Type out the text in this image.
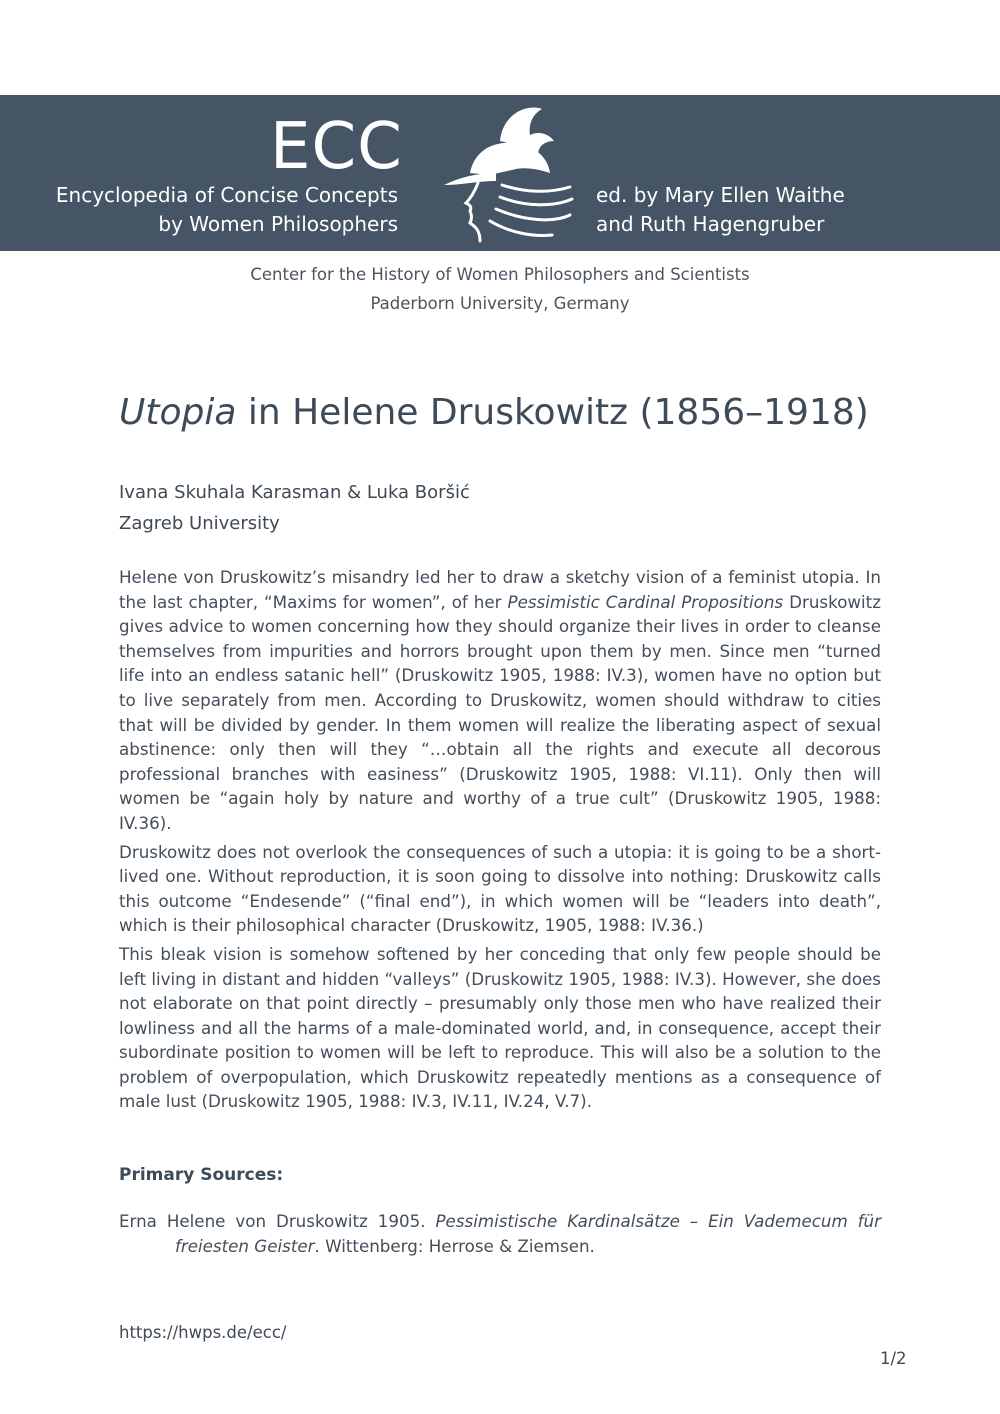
ECC
Encyclopedia of Concise Concepts
by Women Philosophers
ed. by Mary Ellen Waithe
and Ruth Hagengruber
Center for the History of Women Philosophers and Scientists
Paderborn University, Germany
Utopia in Helene Druskowitz (1856–1918)
Ivana Skuhala Karasman & Luka Boršić
Zagreb University

Helene von Druskowitz’s misandry led her to draw a sketchy vision of a feminist utopia. In the last chapter, “Maxims for women”, of her Pessimistic Cardinal Propositions Druskowitz gives advice to women concerning how they should organize their lives in order to cleanse themselves from impurities and horrors brought upon them by men. Since men “turned life into an endless satanic hell” (Druskowitz 1905, 1988: IV.3), women have no option but to live separately from men. According to Druskowitz, women should withdraw to cities that will be divided by gender. In them women will realize the liberating aspect of sexual abstinence: only then will they “…obtain all the rights and execute all decorous professional branches with easiness” (Druskowitz 1905, 1988: VI.11). Only then will women be “again holy by nature and worthy of a true cult” (Druskowitz 1905, 1988: IV.36).

Druskowitz does not overlook the consequences of such a utopia: it is going to be a short-lived one. Without reproduction, it is soon going to dissolve into nothing: Druskowitz calls this outcome “Endesende” (“final end”), in which women will be “leaders into death”, which is their philosophical character (Druskowitz, 1905, 1988: IV.36.)

This bleak vision is somehow softened by her conceding that only few people should be left living in distant and hidden “valleys” (Druskowitz 1905, 1988: IV.3). However, she does not elaborate on that point directly – presumably only those men who have realized their lowliness and all the harms of a male-dominated world, and, in consequence, accept their subordinate position to women will be left to reproduce. This will also be a solution to the problem of overpopulation, which Druskowitz repeatedly mentions as a consequence of male lust (Druskowitz 1905, 1988: IV.3, IV.11, IV.24, V.7).

Primary Sources:
Erna Helene von Druskowitz 1905. Pessimistische Kardinalsätze – Ein Vademecum für freiesten Geister. Wittenberg: Herrose & Ziemsen.
https://hwps.de/ecc/
1/2
